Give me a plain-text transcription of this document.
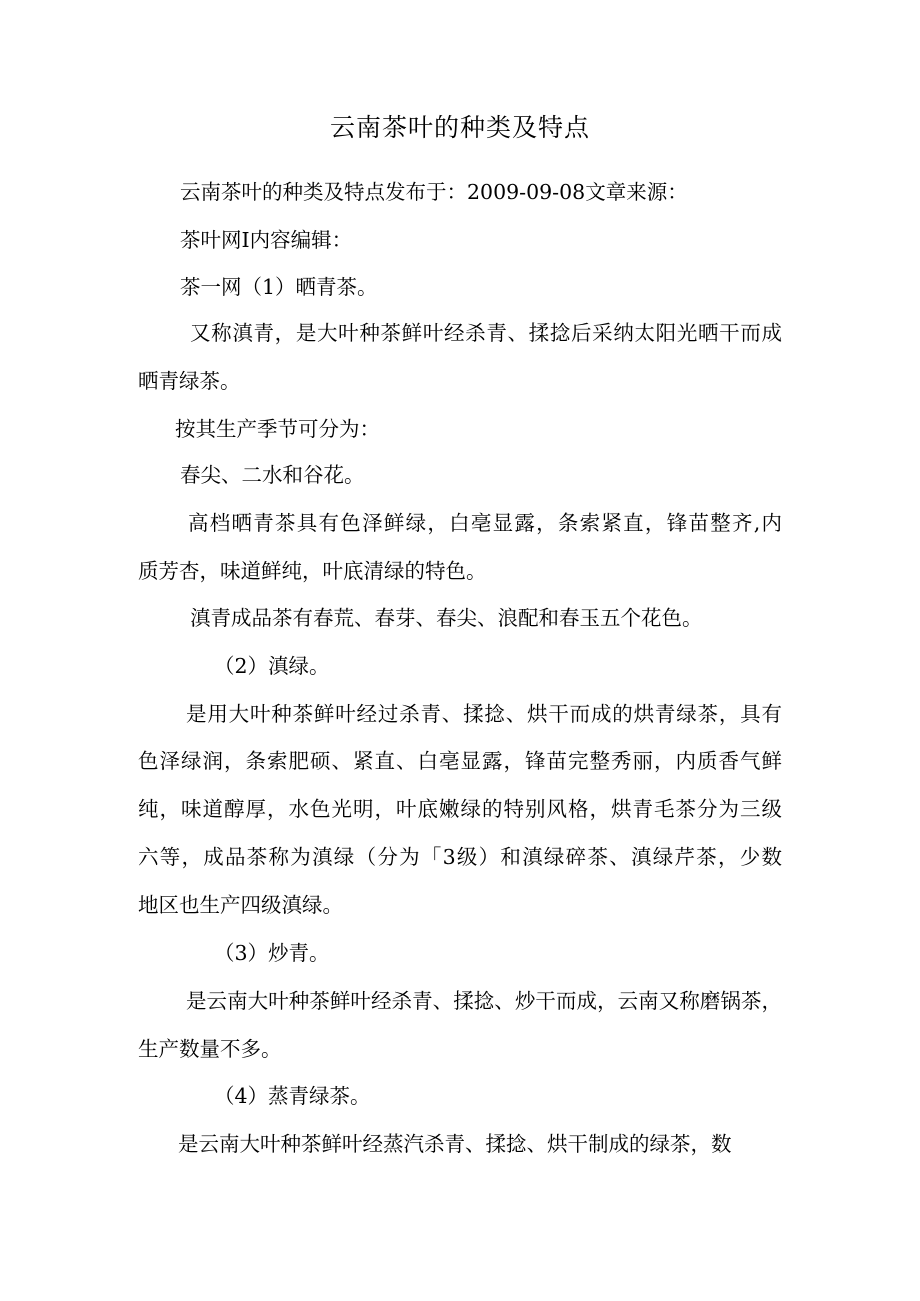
云南茶叶的种类及特点

云南茶叶的种类及特点发布于：2009-09-08文章来源：

茶叶网I内容编辑：

茶一网（1）晒青茶。

又称滇青，是大叶种茶鲜叶经杀青、揉捻后采纳太阳光晒干而成

晒青绿茶。

按其生产季节可分为：

春尖、二水和谷花。

高档晒青茶具有色泽鲜绿，白亳显露，条索紧直，锋苗整齐,内

质芳杏，味道鲜纯，叶底清绿的特色。

滇青成品茶有春荒、春芽、春尖、浪配和春玉五个花色。

（2）滇绿。

是用大叶种茶鲜叶经过杀青、揉捻、烘干而成的烘青绿茶，具有

色泽绿润，条索肥硕、紧直、白亳显露，锋苗完整秀丽，内质香气鲜

纯，味道醇厚，水色光明，叶底嫩绿的特别风格，烘青毛茶分为三级

六等，成品茶称为滇绿（分为「3级）和滇绿碎茶、滇绿芹茶，少数

地区也生产四级滇绿。

（3）炒青。

是云南大叶种茶鲜叶经杀青、揉捻、炒干而成，云南又称磨锅茶，

生产数量不多。

（4）蒸青绿茶。

是云南大叶种茶鲜叶经蒸汽杀青、揉捻、烘干制成的绿茶，数
